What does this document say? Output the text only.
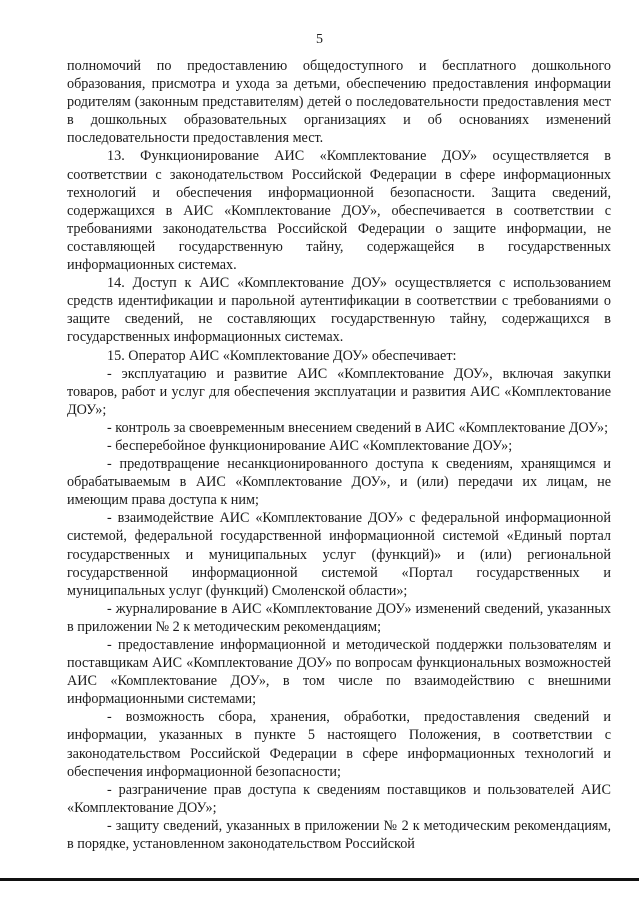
5

полномочий по предоставлению общедоступного и бесплатного дошкольного образования, присмотра и ухода за детьми, обеспечению предоставления информации родителям (законным представителям) детей о последовательности предоставления мест в дошкольных образовательных организациях и об основаниях изменений последовательности предоставления мест.

13. Функционирование АИС «Комплектование ДОУ» осуществляется в соответствии с законодательством Российской Федерации в сфере информационных технологий и обеспечения информационной безопасности. Защита сведений, содержащихся в АИС «Комплектование ДОУ», обеспечивается в соответствии с требованиями законодательства Российской Федерации о защите информации, не составляющей государственную тайну, содержащейся в государственных информационных системах.

14. Доступ к АИС «Комплектование ДОУ» осуществляется с использованием средств идентификации и парольной аутентификации в соответствии с требованиями о защите сведений, не составляющих государственную тайну, содержащихся в государственных информационных системах.

15. Оператор АИС «Комплектование ДОУ» обеспечивает:

- эксплуатацию и развитие АИС «Комплектование ДОУ», включая закупки товаров, работ и услуг для обеспечения эксплуатации и развития АИС «Комплектование ДОУ»;

- контроль за своевременным внесением сведений в АИС «Комплектование ДОУ»;

- бесперебойное функционирование АИС «Комплектование ДОУ»;

- предотвращение несанкционированного доступа к сведениям, хранящимся и обрабатываемым в АИС «Комплектование ДОУ», и (или) передачи их лицам, не имеющим права доступа к ним;

- взаимодействие АИС «Комплектование ДОУ» с федеральной информационной системой, федеральной государственной информационной системой «Единый портал государственных и муниципальных услуг (функций)» и (или) региональной государственной информационной системой «Портал государственных и муниципальных услуг (функций) Смоленской области»;

- журналирование в АИС «Комплектование ДОУ» изменений сведений, указанных в приложении № 2 к методическим рекомендациям;

- предоставление информационной и методической поддержки пользователям и поставщикам АИС «Комплектование ДОУ» по вопросам функциональных возможностей АИС «Комплектование ДОУ», в том числе по взаимодействию с внешними информационными системами;

- возможность сбора, хранения, обработки, предоставления сведений и информации, указанных в пункте 5 настоящего Положения, в соответствии с законодательством Российской Федерации в сфере информационных технологий и обеспечения информационной безопасности;

- разграничение прав доступа к сведениям поставщиков и пользователей АИС «Комплектование ДОУ»;

- защиту сведений, указанных в приложении № 2 к методическим рекомендациям, в порядке, установленном законодательством Российской
